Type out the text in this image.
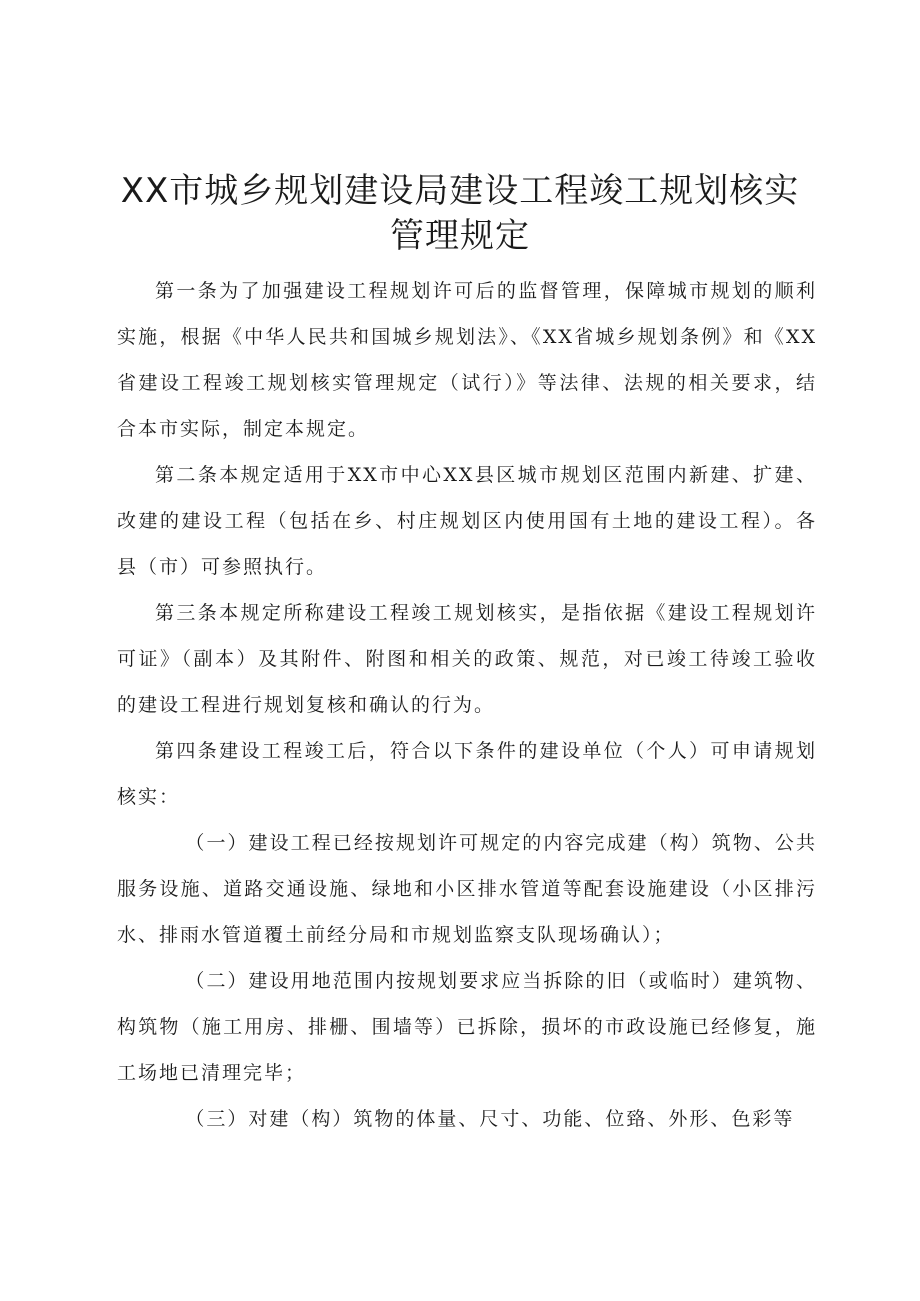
XX市城乡规划建设局建设工程竣工规划核实
管理规定

第一条为了加强建设工程规划许可后的监督管理，保障城市规划的顺利实施，根据《中华人民共和国城乡规划法》、《XX省城乡规划条例》和《XX省建设工程竣工规划核实管理规定（试行）》等法律、法规的相关要求，结合本市实际，制定本规定。

第二条本规定适用于XX市中心XX县区城市规划区范围内新建、扩建、改建的建设工程（包括在乡、村庄规划区内使用国有土地的建设工程）。各县（市）可参照执行。

第三条本规定所称建设工程竣工规划核实，是指依据《建设工程规划许可证》（副本）及其附件、附图和相关的政策、规范，对已竣工待竣工验收的建设工程进行规划复核和确认的行为。

第四条建设工程竣工后，符合以下条件的建设单位（个人）可申请规划核实：

（一）建设工程已经按规划许可规定的内容完成建（构）筑物、公共服务设施、道路交通设施、绿地和小区排水管道等配套设施建设（小区排污水、排雨水管道覆土前经分局和市规划监察支队现场确认）；

（二）建设用地范围内按规划要求应当拆除的旧（或临时）建筑物、构筑物（施工用房、排栅、围墙等）已拆除，损坏的市政设施已经修复，施工场地已清理完毕；

（三）对建（构）筑物的体量、尺寸、功能、位臵、外形、色彩等
